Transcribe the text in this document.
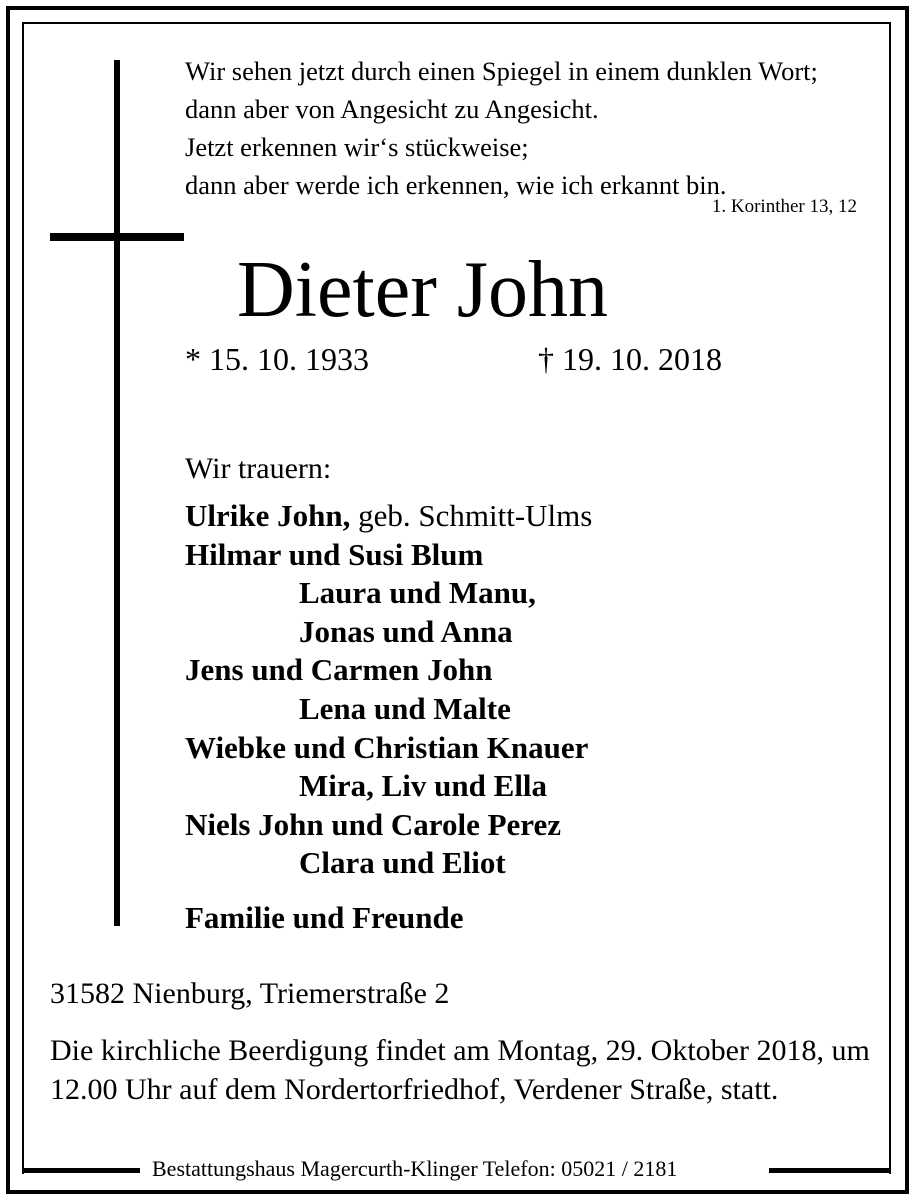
Wir sehen jetzt durch einen Spiegel in einem dunklen Wort;
dann aber von Angesicht zu Angesicht.
Jetzt erkennen wir‘s stückweise;
dann aber werde ich erkennen, wie ich erkannt bin.
1. Korinther 13, 12
Dieter John
* 15. 10. 1933	† 19. 10. 2018
Wir trauern:
Ulrike John, geb. Schmitt-Ulms
Hilmar und Susi Blum
Laura und Manu,
Jonas und Anna
Jens und Carmen John
Lena und Malte
Wiebke und Christian Knauer
Mira, Liv und Ella
Niels John und Carole Perez
Clara und Eliot
Familie und Freunde
31582 Nienburg, Triemerstraße 2
Die kirchliche Beerdigung findet am Montag, 29. Oktober 2018, um 12.00 Uhr auf dem Nordertorfriedhof, Verdener Straße, statt.
Bestattungshaus Magercurth-Klinger Telefon: 05021 / 2181
